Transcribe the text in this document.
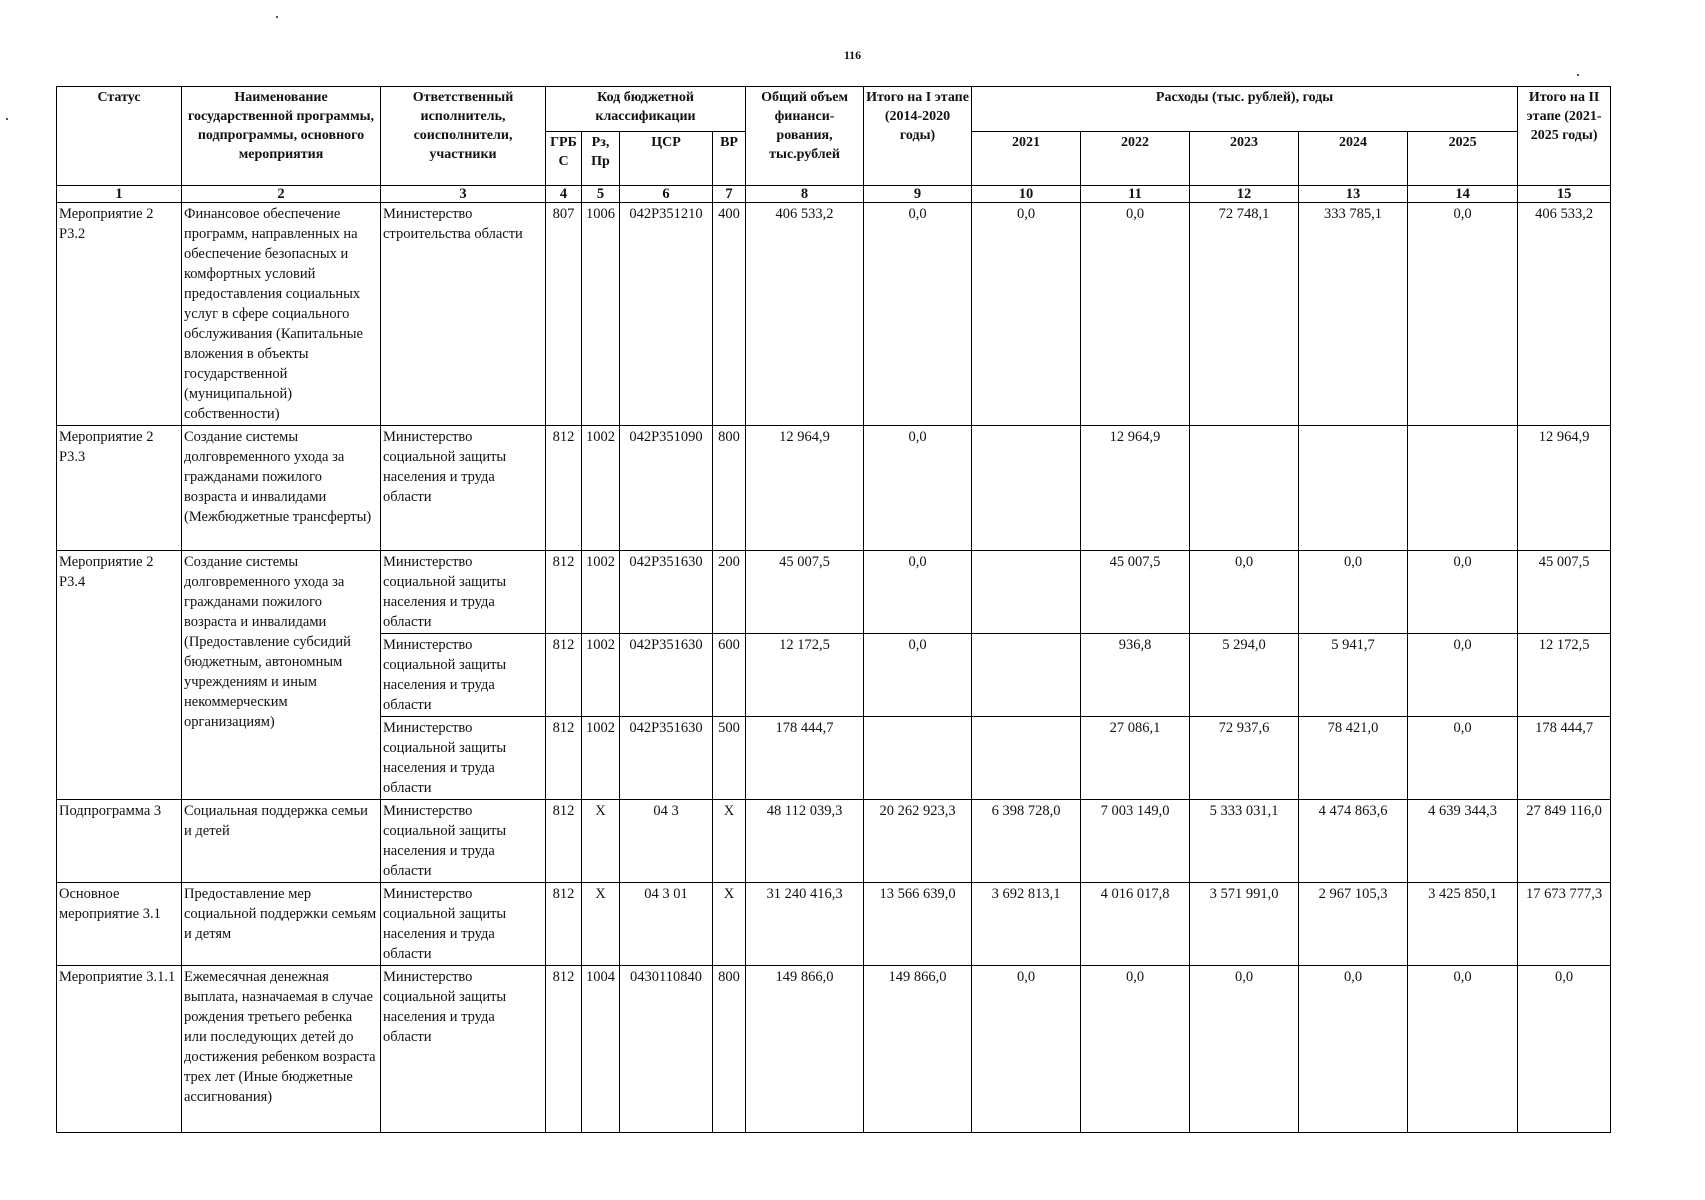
116
Статус	Наименование государственной программы, подпрограммы, основного мероприятия	Ответственный исполнитель, соисполнители, участники	Код бюджетной классификации				Общий объем финанси-рования, тыс.рублей	Итого на I этапе (2014-2020 годы)	Расходы (тыс. рублей), годы					Итого на II этапе (2021-2025 годы)
			ГРБ С	Рз, Пр	ЦСР	ВР			2021	2022	2023	2024	2025	
1	2	3	4	5	6	7	8	9	10	11	12	13	14	15
Мероприятие 2 Р3.2	Финансовое обеспечение программ, направленных на обеспечение безопасных и комфортных условий предоставления социальных услуг в сфере социального обслуживания (Капитальные вложения в объекты государственной (муниципальной) собственности)	Министерство строительства области	807	1006	042Р351210	400	406 533,2	0,0	0,0	0,0	72 748,1	333 785,1	0,0	406 533,2
Мероприятие 2 Р3.3	Создание системы долговременного ухода за гражданами пожилого возраста и инвалидами (Межбюджетные трансферты)	Министерство социальной защиты населения и труда области	812	1002	042Р351090	800	12 964,9	0,0		12 964,9				12 964,9
Мероприятие 2 Р3.4	Создание системы долговременного ухода за гражданами пожилого возраста и инвалидами (Предоставление субсидий бюджетным, автономным учреждениям и иным некоммерческим организациям)	Министерство социальной защиты населения и труда области	812	1002	042Р351630	200	45 007,5	0,0		45 007,5	0,0	0,0	0,0	45 007,5
		Министерство социальной защиты населения и труда области	812	1002	042Р351630	600	12 172,5	0,0		936,8	5 294,0	5 941,7	0,0	12 172,5
		Министерство социальной защиты населения и труда области	812	1002	042Р351630	500	178 444,7			27 086,1	72 937,6	78 421,0	0,0	178 444,7
Подпрограмма 3	Социальная поддержка семьи и детей	Министерство социальной защиты населения и труда области	812	Х	04 3	Х	48 112 039,3	20 262 923,3	6 398 728,0	7 003 149,0	5 333 031,1	4 474 863,6	4 639 344,3	27 849 116,0
Основное мероприятие 3.1	Предоставление мер социальной поддержки семьям и детям	Министерство социальной защиты населения и труда области	812	Х	04 3 01	Х	31 240 416,3	13 566 639,0	3 692 813,1	4 016 017,8	3 571 991,0	2 967 105,3	3 425 850,1	17 673 777,3
Мероприятие 3.1.1	Ежемесячная денежная выплата, назначаемая в случае рождения третьего ребенка или последующих детей до достижения ребенком возраста трех лет (Иные бюджетные ассигнования)	Министерство социальной защиты населения и труда области	812	1004	0430110840	800	149 866,0	149 866,0	0,0	0,0	0,0	0,0	0,0	0,0
